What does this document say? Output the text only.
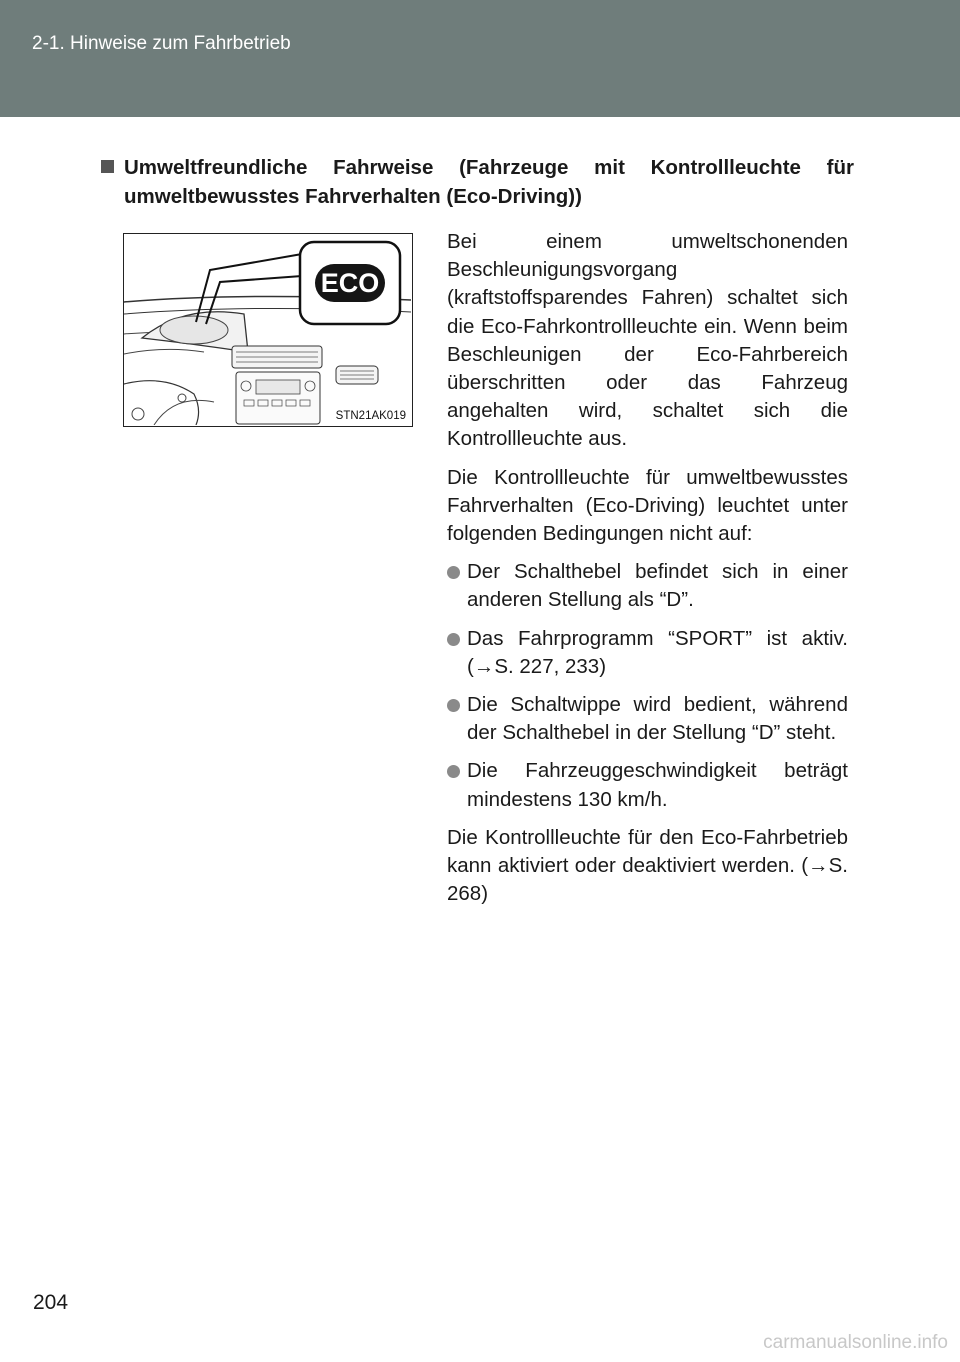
2-1. Hinweise zum Fahrbetrieb
Umweltfreundliche Fahrweise (Fahrzeuge mit Kontrollleuchte für
umweltbewusstes Fahrverhalten (Eco-Driving))
ECO
STN21AK019

Bei einem umweltschonenden Beschleunigungsvorgang (kraftstoffsparendes Fahren) schaltet sich die Eco-Fahrkontrollleuchte ein. Wenn beim Beschleunigen der Eco-Fahrbereich überschritten oder das Fahrzeug angehalten wird, schaltet sich die Kontrollleuchte aus.

Die Kontrollleuchte für umweltbewusstes Fahrverhalten (Eco-Driving) leuchtet unter folgenden Bedingungen nicht auf:

Der Schalthebel befindet sich in einer anderen Stellung als “D”.
Das Fahrprogramm “SPORT” ist aktiv. (→S. 227, 233)
Die Schaltwippe wird bedient, während der Schalthebel in der Stellung “D” steht.
Die Fahrzeuggeschwindigkeit beträgt mindestens 130 km/h.

Die Kontrollleuchte für den Eco-Fahrbetrieb kann aktiviert oder deaktiviert werden. (→S. 268)

204
carmanualsonline.info
